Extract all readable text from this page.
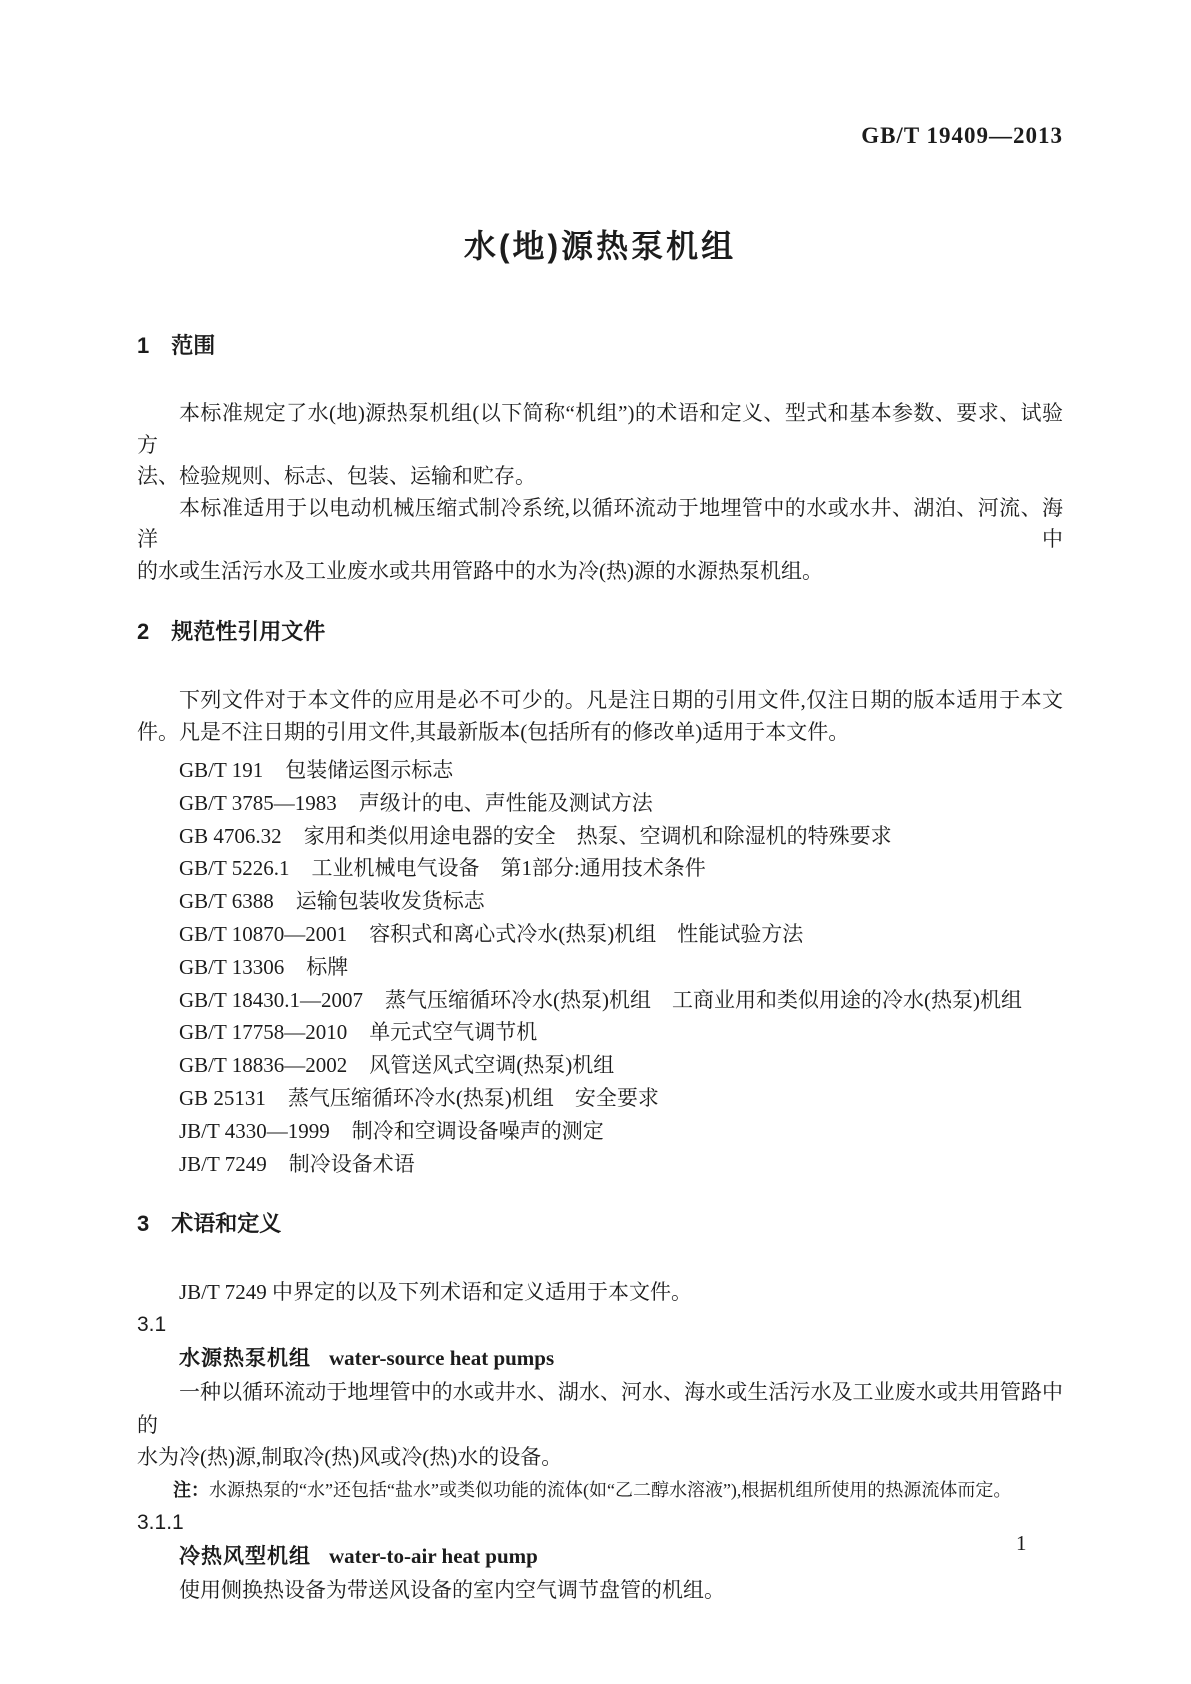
GB/T 19409—2013
水(地)源热泵机组
1 范围
本标准规定了水(地)源热泵机组(以下简称“机组”)的术语和定义、型式和基本参数、要求、试验方
法、检验规则、标志、包装、运输和贮存。
本标准适用于以电动机械压缩式制冷系统,以循环流动于地埋管中的水或水井、湖泊、河流、海洋中
的水或生活污水及工业废水或共用管路中的水为冷(热)源的水源热泵机组。
2 规范性引用文件
下列文件对于本文件的应用是必不可少的。凡是注日期的引用文件,仅注日期的版本适用于本文
件。凡是不注日期的引用文件,其最新版本(包括所有的修改单)适用于本文件。
GB/T 191 包装储运图示标志
GB/T 3785—1983 声级计的电、声性能及测试方法
GB 4706.32 家用和类似用途电器的安全　热泵、空调机和除湿机的特殊要求
GB/T 5226.1 工业机械电气设备　第1部分:通用技术条件
GB/T 6388 运输包装收发货标志
GB/T 10870—2001 容积式和离心式冷水(热泵)机组　性能试验方法
GB/T 13306 标牌
GB/T 18430.1—2007 蒸气压缩循环冷水(热泵)机组　工商业用和类似用途的冷水(热泵)机组
GB/T 17758—2010 单元式空气调节机
GB/T 18836—2002 风管送风式空调(热泵)机组
GB 25131 蒸气压缩循环冷水(热泵)机组　安全要求
JB/T 4330—1999 制冷和空调设备噪声的测定
JB/T 7249 制冷设备术语
3 术语和定义
JB/T 7249 中界定的以及下列术语和定义适用于本文件。
3.1
水源热泵机组 water-source heat pumps
一种以循环流动于地埋管中的水或井水、湖水、河水、海水或生活污水及工业废水或共用管路中的
水为冷(热)源,制取冷(热)风或冷(热)水的设备。
注：水源热泵的“水”还包括“盐水”或类似功能的流体(如“乙二醇水溶液”),根据机组所使用的热源流体而定。
3.1.1
冷热风型机组 water-to-air heat pump
使用侧换热设备为带送风设备的室内空气调节盘管的机组。
1
